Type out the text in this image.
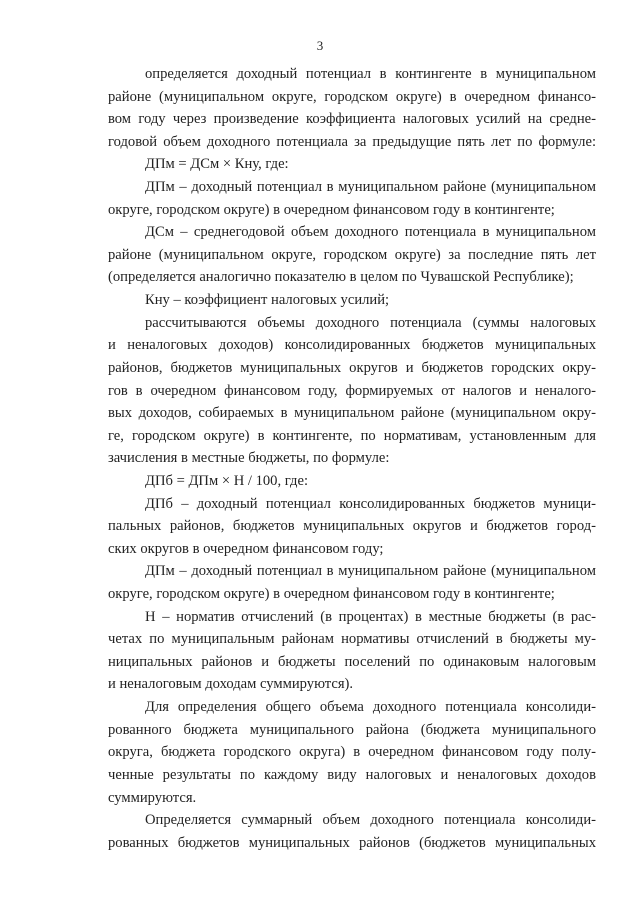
3
определяется доходный потенциал в контингенте в муниципальном
районе (муниципальном округе, городском округе) в очередном финансо-
вом году через произведение коэффициента налоговых усилий на средне-
годовой объем доходного потенциала за предыдущие пять лет по формуле:
ДПм = ДСм × Кну, где:
ДПм – доходный потенциал в муниципальном районе (муниципальном
округе, городском округе) в очередном финансовом году в контингенте;
ДСм – среднегодовой объем доходного потенциала в муниципальном
районе (муниципальном округе, городском округе) за последние пять лет
(определяется аналогично показателю в целом по Чувашской Республике);
Кну – коэффициент налоговых усилий;
рассчитываются объемы доходного потенциала (суммы налоговых
и неналоговых доходов) консолидированных бюджетов муниципальных
районов, бюджетов муниципальных округов и бюджетов городских окру-
гов в очередном финансовом году, формируемых от налогов и неналого-
вых доходов, собираемых в муниципальном районе (муниципальном окру-
ге, городском округе) в контингенте, по нормативам, установленным для
зачисления в местные бюджеты, по формуле:
ДПб = ДПм × Н / 100, где:
ДПб – доходный потенциал консолидированных бюджетов муници-
пальных районов, бюджетов муниципальных округов и бюджетов город-
ских округов в очередном финансовом году;
ДПм – доходный потенциал в муниципальном районе (муниципальном
округе, городском округе) в очередном финансовом году в контингенте;
Н – норматив отчислений (в процентах) в местные бюджеты (в рас-
четах по муниципальным районам нормативы отчислений в бюджеты му-
ниципальных районов и бюджеты поселений по одинаковым налоговым
и неналоговым доходам суммируются).
Для определения общего объема доходного потенциала консолиди-
рованного бюджета муниципального района (бюджета муниципального
округа, бюджета городского округа) в очередном финансовом году полу-
ченные результаты по каждому виду налоговых и неналоговых доходов
суммируются.
Определяется суммарный объем доходного потенциала консолиди-
рованных бюджетов муниципальных районов (бюджетов муниципальных
